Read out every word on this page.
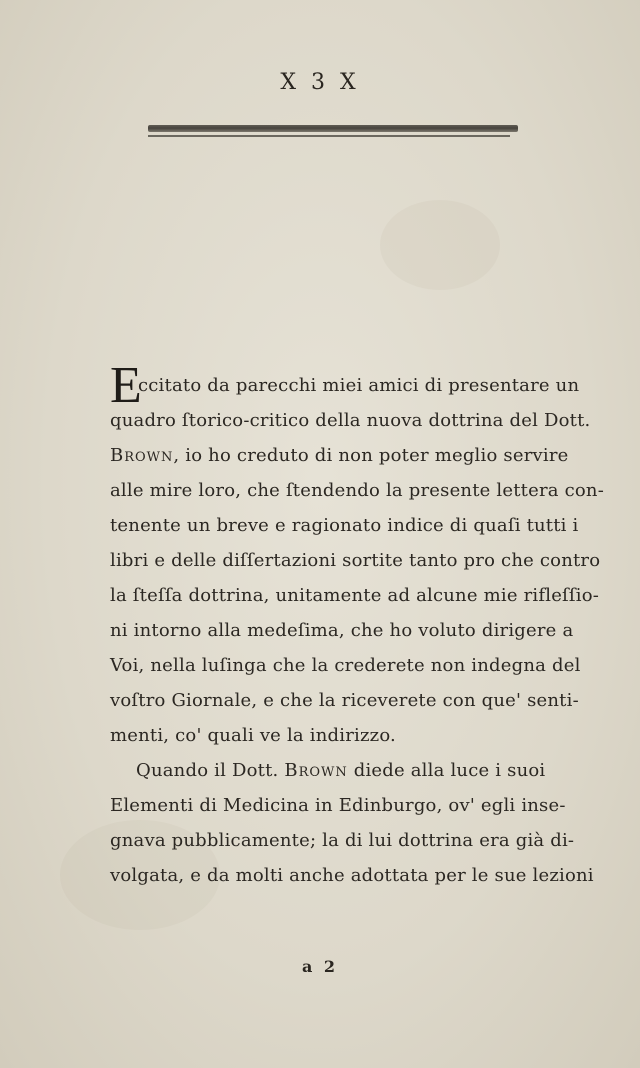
X 3 X
E
ccitato da parecchi miei amici di presentare un
quadro ſtorico-critico della nuova dottrina del Dott.
Brown, io ho creduto di non poter meglio servire
alle mire loro, che ſtendendo la presente lettera con-
tenente un breve e ragionato indice di quaſi tutti i
libri e delle diſſertazioni sortite tanto pro che contro
la ſteſſa dottrina, unitamente ad alcune mie rifleſſio-
ni intorno alla medeſima, che ho voluto dirigere a
Voi, nella luſinga che la crederete non indegna del
voſtro Giornale, e che la riceverete con que' senti-
menti, co' quali ve la indirizzo.
Quando il Dott. Brown diede alla luce i suoi
Elementi di Medicina in Edinburgo, ov' egli inse-
gnava pubblicamente; la di lui dottrina era già di-
volgata, e da molti anche adottata per le sue lezioni
a 2
